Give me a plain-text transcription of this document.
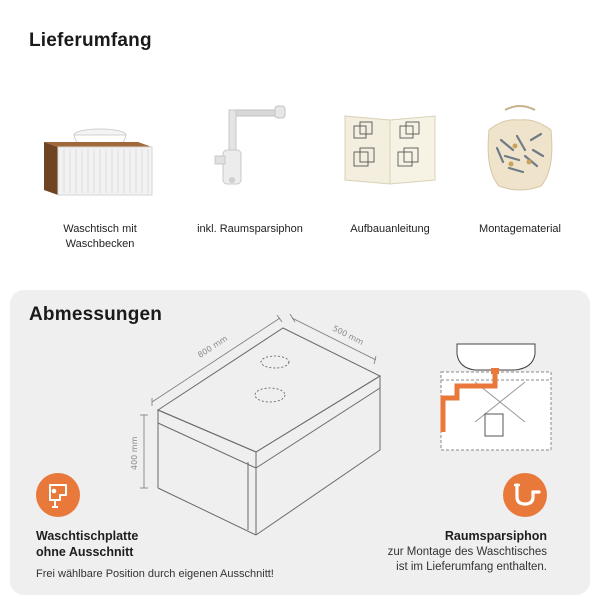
Lieferumfang
Waschtisch mit
Waschbecken
inkl. Raumsparsiphon	Aufbauanleitung	Montagematerial
Abmessungen
800 mm	500 mm
400 mm
Waschtischplatte
ohne Ausschnitt
Frei wählbare Position durch eigenen Ausschnitt!
Raumsparsiphon
zur Montage des Waschtisches
ist im Lieferumfang enthalten.
